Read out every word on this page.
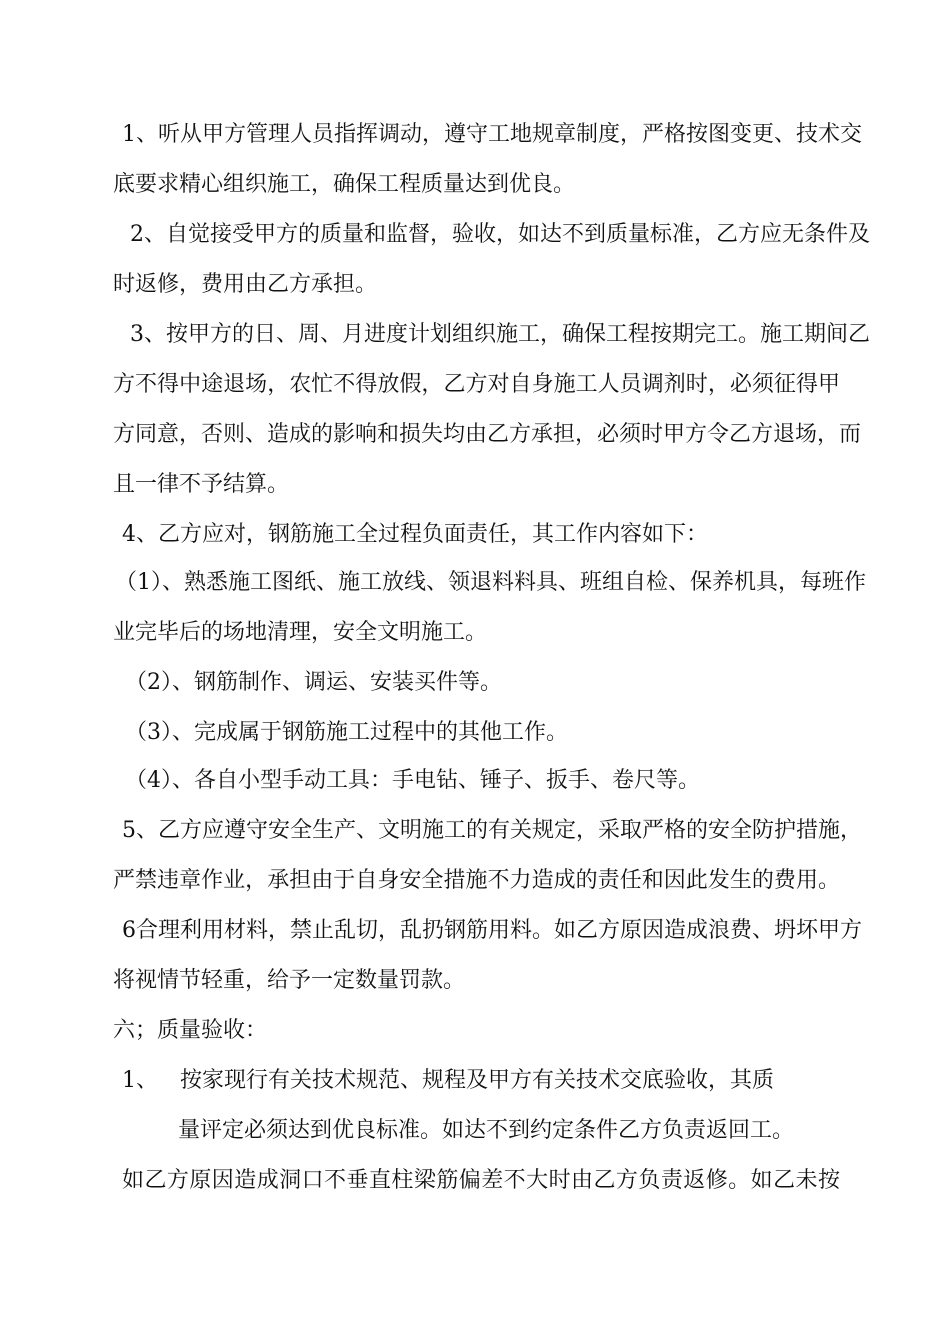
1、听从甲方管理人员指挥调动，遵守工地规章制度，严格按图变更、技术交
底要求精心组织施工，确保工程质量达到优良。
2、自觉接受甲方的质量和监督，验收，如达不到质量标准，乙方应无条件及
时返修，费用由乙方承担。
3、按甲方的日、周、月进度计划组织施工，确保工程按期完工。施工期间乙
方不得中途退场，农忙不得放假，乙方对自身施工人员调剂时，必须征得甲
方同意，否则、造成的影响和损失均由乙方承担，必须时甲方令乙方退场，而
且一律不予结算。
4、乙方应对，钢筋施工全过程负面责任，其工作内容如下：
（1）、熟悉施工图纸、施工放线、领退料料具、班组自检、保养机具，每班作
业完毕后的场地清理，安全文明施工。
（2）、钢筋制作、调运、安装买件等。
（3）、完成属于钢筋施工过程中的其他工作。
（4）、各自小型手动工具：手电钻、锤子、扳手、卷尺等。
5、乙方应遵守安全生产、文明施工的有关规定，采取严格的安全防护措施，
严禁违章作业，承担由于自身安全措施不力造成的责任和因此发生的费用。
6合理利用材料，禁止乱切，乱扔钢筋用料。如乙方原因造成浪费、坍坏甲方
将视情节轻重，给予一定数量罚款。
六；质量验收：
1、 按家现行有关技术规范、规程及甲方有关技术交底验收，其质
量评定必须达到优良标准。如达不到约定条件乙方负责返回工。
如乙方原因造成洞口不垂直柱梁筋偏差不大时由乙方负责返修。如乙未按
